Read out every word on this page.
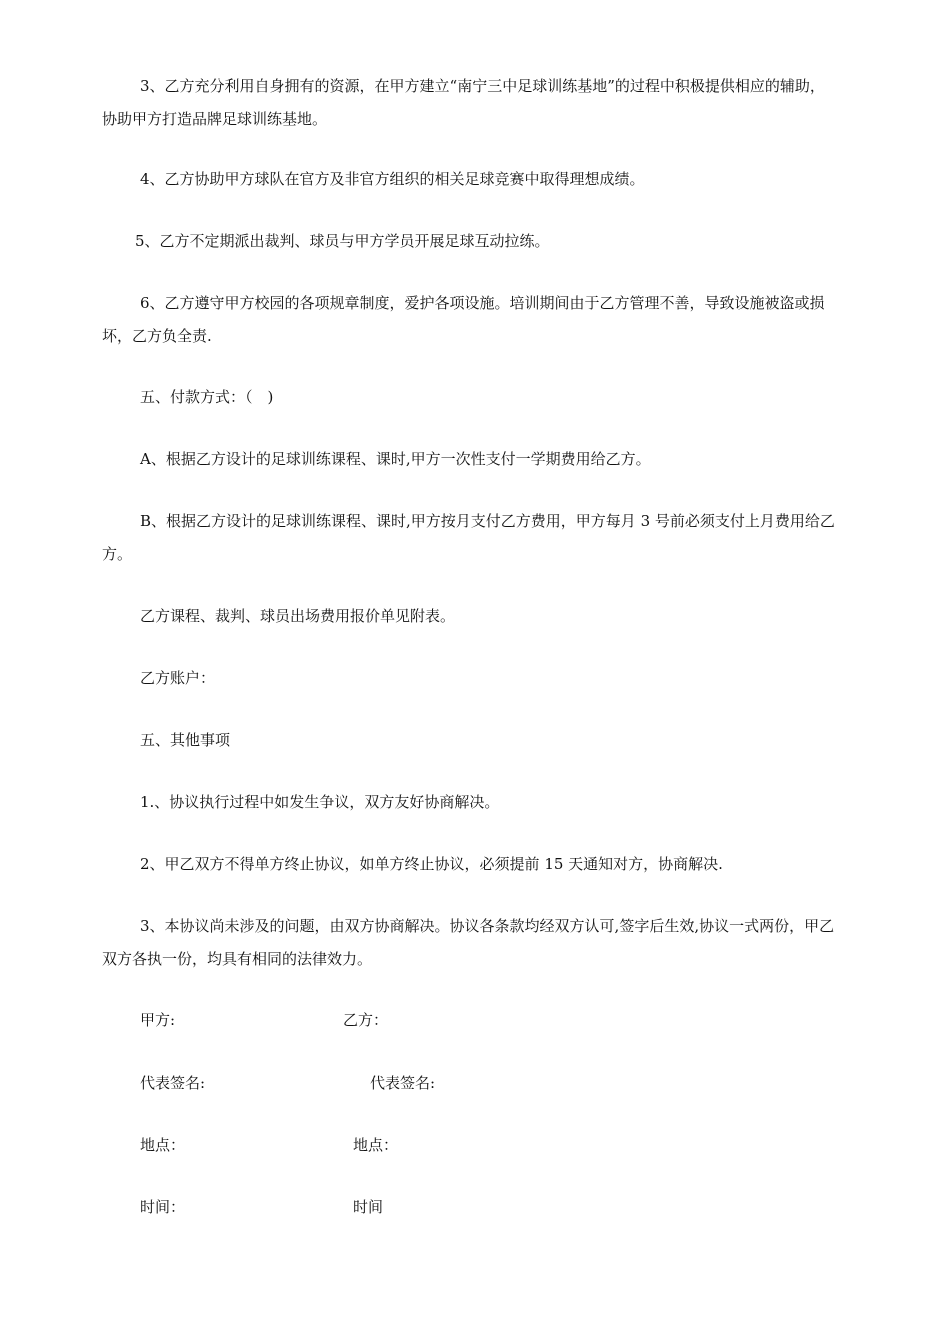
3、乙方充分利用自身拥有的资源，在甲方建立“南宁三中足球训练基地”的过程中积极提供相应的辅助，协助甲方打造品牌足球训练基地。

4、乙方协助甲方球队在官方及非官方组织的相关足球竞赛中取得理想成绩。

5、乙方不定期派出裁判、球员与甲方学员开展足球互动拉练。

6、乙方遵守甲方校园的各项规章制度，爱护各项设施。培训期间由于乙方管理不善，导致设施被盗或损坏，乙方负全责.

五、付款方式：（　)

A、根据乙方设计的足球训练课程、课时,甲方一次性支付一学期费用给乙方。

B、根据乙方设计的足球训练课程、课时,甲方按月支付乙方费用，甲方每月 3 号前必须支付上月费用给乙方。

乙方课程、裁判、球员出场费用报价单见附表。

乙方账户：

五、其他事项

1.、协议执行过程中如发生争议，双方友好协商解决。

2、甲乙双方不得单方终止协议，如单方终止协议，必须提前 15 天通知对方，协商解决.

3、本协议尚未涉及的问题，由双方协商解决。协议各条款均经双方认可,签字后生效,协议一式两份，甲乙双方各执一份，均具有相同的法律效力。

甲方:	乙方：
代表签名:	代表签名:
地点：	地点：
时间：	时间
